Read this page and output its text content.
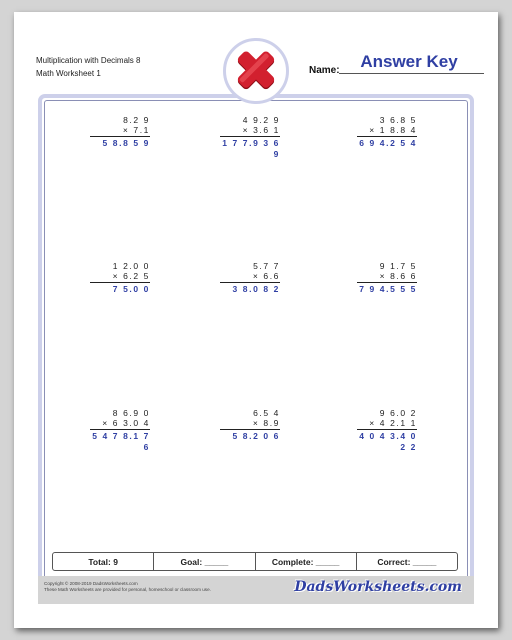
Multiplication with Decimals 8
Math Worksheet 1	Name:	Answer Key
8.2 9
× 7.1
5 8.8 5 9
4 9.2 9
× 3.6 1
1 7 7.9 3 6 9
3 6.8 5
× 1 8.8 4
6 9 4.2 5 4
1 2.0 0
× 6.2 5
7 5.0 0
5.7 7
× 6.6
3 8.0 8 2
9 1.7 5
× 8.6 6
7 9 4.5 5 5
8 6.9 0
× 6 3.0 4
5 4 7 8.1 7 6
6.5 4
× 8.9
5 8.2 0 6
9 6.0 2
× 4 2.1 1
4 0 4 3.4 0 2 2
Total: 9	Goal: _____	Complete: _____	Correct: _____
Copyright © 2008-2019 DadsWorksheets.com
These Math Worksheets are provided for personal, homeschool or classroom use.	DadsWorksheets.com
